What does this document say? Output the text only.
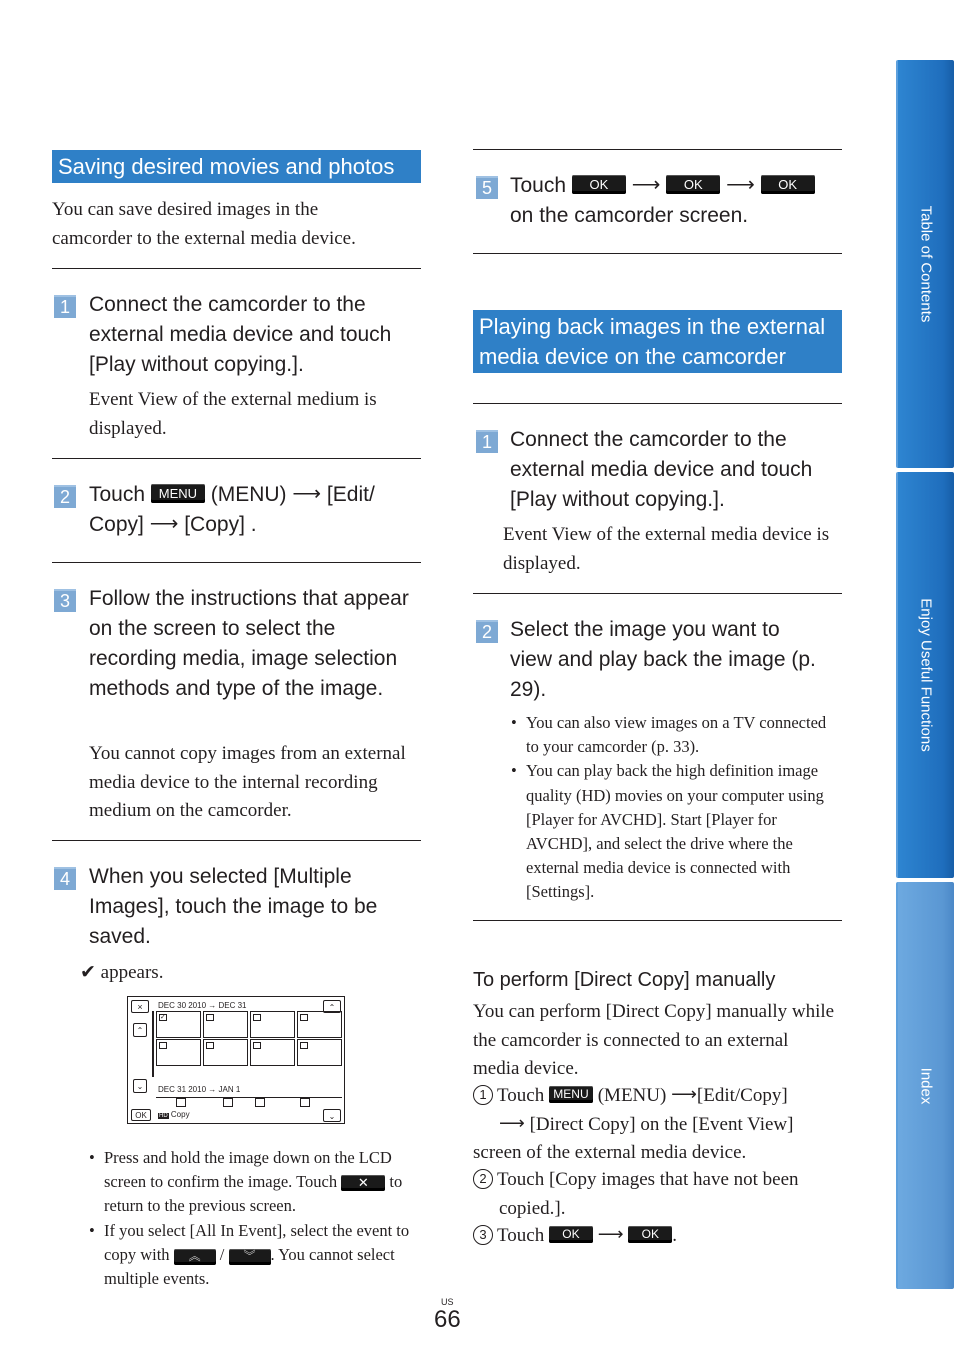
Saving desired movies and photos
You can save desired images in the camcorder to the external media device.
1 Connect the camcorder to the external media device and touch [Play without copying.].
Event View of the external medium is displayed.
2 Touch MENU (MENU) ⟶ [Edit/ Copy] ⟶ [Copy] .
3 Follow the instructions that appear on the screen to select the recording media, image selection methods and type of the image.
You cannot copy images from an external media device to the internal recording medium on the camcorder.
4 When you selected [Multiple Images], touch the image to be saved.
✔ appears.
×	DEC 30 2010 → DEC 31	⌃
⌃
⌄
✓
DEC 31 2010 → JAN 1
OK	HD Copy	⌄
• Press and hold the image down on the LCD screen to confirm the image. Touch ✕ to return to the previous screen.
• If you select [All In Event], select the event to copy with ︽ / ︾ . You cannot select multiple events.
5 Touch OK ⟶ OK ⟶ OK
on the camcorder screen.
Playing back images in the external media device on the camcorder
1 Connect the camcorder to the external media device and touch [Play without copying.].
Event View of the external media device is displayed.
2 Select the image you want to view and play back the image (p. 29).
• You can also view images on a TV connected to your camcorder (p. 33).
• You can play back the high definition image quality (HD) movies on your computer using [Player for AVCHD]. Start [Player for AVCHD], and select the drive where the external media device is connected with [Settings].
To perform [Direct Copy] manually
You can perform [Direct Copy] manually while the camcorder is connected to an external media device.
1 Touch MENU (MENU) ⟶[Edit/Copy]
⟶ [Direct Copy] on the [Event View] screen of the external media device.
2 Touch [Copy images that have not been copied.].
3 Touch OK ⟶ OK .
Table of Contents
Enjoy Useful Functions
Index
US
66
